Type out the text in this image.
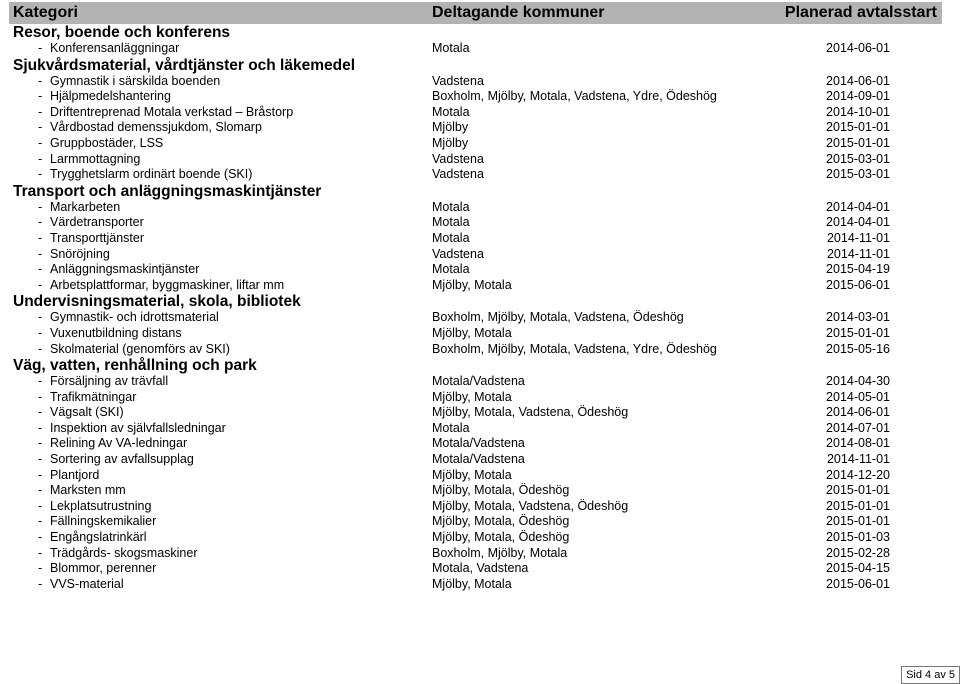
Kategori	Deltagande kommuner	Planerad avtalsstart
Resor, boende och konferens
- Konferensanläggningar	Motala	2014-06-01
Sjukvårdsmaterial, vårdtjänster och läkemedel
- Gymnastik i särskilda boenden	Vadstena	2014-06-01
- Hjälpmedelshantering	Boxholm, Mjölby, Motala, Vadstena, Ydre, Ödeshög	2014-09-01
- Driftentreprenad Motala verkstad – Bråstorp	Motala	2014-10-01
- Vårdbostad demenssjukdom, Slomarp	Mjölby	2015-01-01
- Gruppbostäder, LSS	Mjölby	2015-01-01
- Larmmottagning	Vadstena	2015-03-01
- Trygghetslarm ordinärt boende (SKI)	Vadstena	2015-03-01
Transport och anläggningsmaskintjänster
- Markarbeten	Motala	2014-04-01
- Värdetransporter	Motala	2014-04-01
- Transporttjänster	Motala	2014-11-01
- Snöröjning	Vadstena	2014-11-01
- Anläggningsmaskintjänster	Motala	2015-04-19
- Arbetsplattformar, byggmaskiner, liftar mm	Mjölby, Motala	2015-06-01
Undervisningsmaterial, skola, bibliotek
- Gymnastik- och idrottsmaterial	Boxholm, Mjölby, Motala, Vadstena, Ödeshög	2014-03-01
- Vuxenutbildning distans	Mjölby, Motala	2015-01-01
- Skolmaterial (genomförs av SKI)	Boxholm, Mjölby, Motala, Vadstena, Ydre, Ödeshög	2015-05-16
Väg, vatten, renhållning och park
- Försäljning av trävfall	Motala/Vadstena	2014-04-30
- Trafikmätningar	Mjölby, Motala	2014-05-01
- Vägsalt (SKI)	Mjölby, Motala, Vadstena, Ödeshög	2014-06-01
- Inspektion av självfallsledningar	Motala	2014-07-01
- Relining Av VA-ledningar	Motala/Vadstena	2014-08-01
- Sortering av avfallsupplag	Motala/Vadstena	2014-11-01
- Plantjord	Mjölby, Motala	2014-12-20
- Marksten mm	Mjölby, Motala, Ödeshög	2015-01-01
- Lekplatsutrustning	Mjölby, Motala, Vadstena, Ödeshög	2015-01-01
- Fällningskemikalier	Mjölby, Motala, Ödeshög	2015-01-01
- Engångslatrinkärl	Mjölby, Motala, Ödeshög	2015-01-03
- Trädgårds- skogsmaskiner	Boxholm, Mjölby, Motala	2015-02-28
- Blommor, perenner	Motala, Vadstena	2015-04-15
- VVS-material	Mjölby, Motala	2015-06-01
Sid 4 av 5
